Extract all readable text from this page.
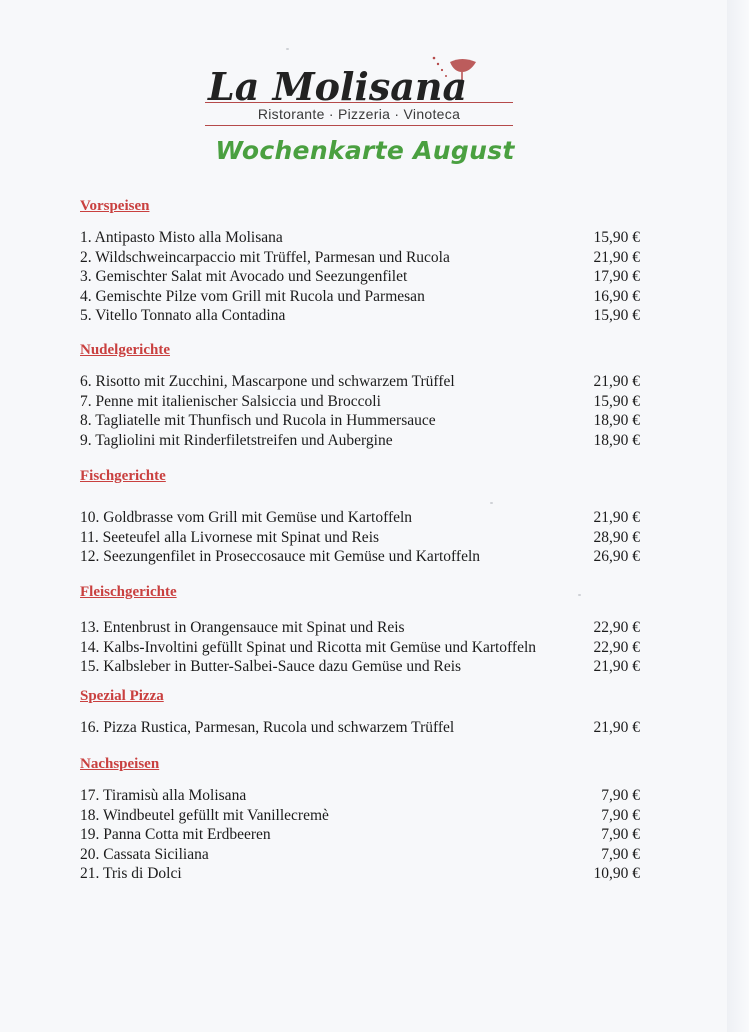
La Molisana
Ristorante · Pizzeria · Vinoteca
Wochenkarte August
Vorspeisen
1. Antipasto Misto alla Molisana	15,90 €
2. Wildschweincarpaccio mit Trüffel, Parmesan und Rucola	21,90 €
3. Gemischter Salat mit Avocado und Seezungenfilet	17,90 €
4. Gemischte Pilze vom Grill mit Rucola und Parmesan	16,90 €
5. Vitello Tonnato alla Contadina	15,90 €
Nudelgerichte
6. Risotto mit Zucchini, Mascarpone und schwarzem Trüffel	21,90 €
7. Penne mit italienischer Salsiccia und Broccoli	15,90 €
8. Tagliatelle mit Thunfisch und Rucola in Hummersauce	18,90 €
9. Tagliolini mit Rinderfiletstreifen und Aubergine	18,90 €
Fischgerichte
10. Goldbrasse vom Grill mit Gemüse und Kartoffeln	21,90 €
11. Seeteufel alla Livornese mit Spinat und Reis	28,90 €
12. Seezungenfilet in Proseccosauce mit Gemüse und Kartoffeln	26,90 €
Fleischgerichte
13. Entenbrust in Orangensauce mit Spinat und Reis	22,90 €
14. Kalbs-Involtini gefüllt Spinat und Ricotta mit Gemüse und Kartoffeln	22,90 €
15. Kalbsleber in Butter-Salbei-Sauce dazu Gemüse und Reis	21,90 €
Spezial Pizza
16. Pizza Rustica, Parmesan, Rucola und schwarzem Trüffel	21,90 €
Nachspeisen
17. Tiramisù alla Molisana	7,90 €
18. Windbeutel gefüllt mit Vanillecremè	7,90 €
19. Panna Cotta mit Erdbeeren	7,90 €
20. Cassata Siciliana	7,90 €
21. Tris di Dolci	10,90 €
